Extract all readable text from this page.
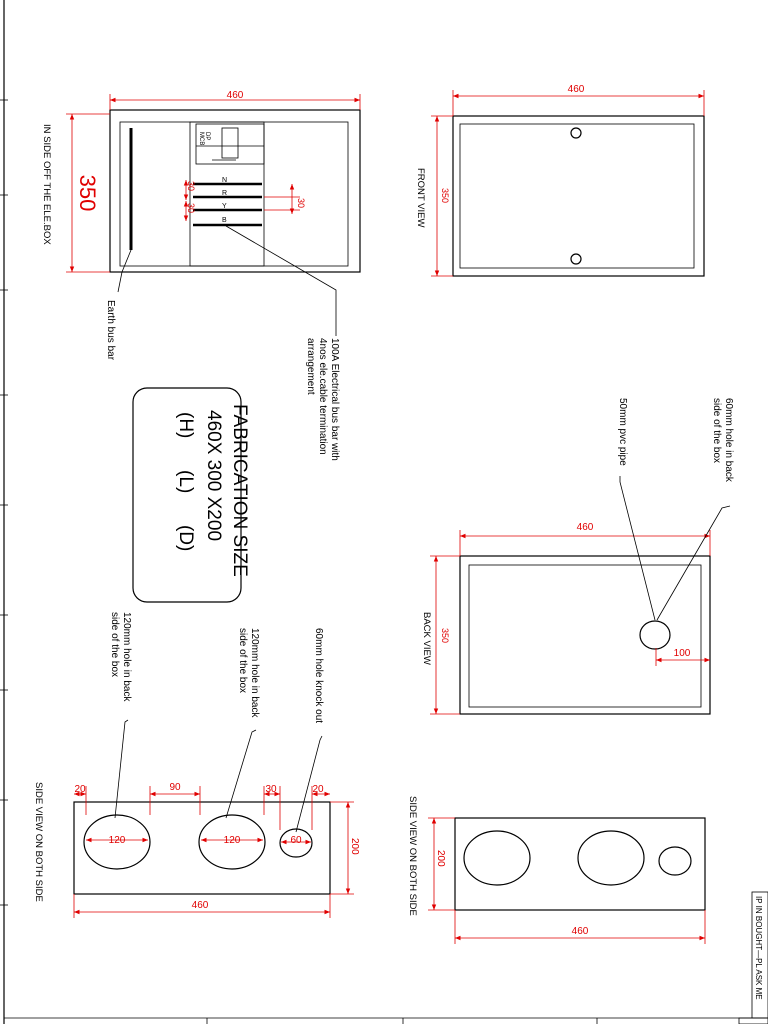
DP
MCB
N
R
Y
B
460
350	30
30	30
IN SIDE OFF THE ELE.BOX
Earth bus bar
100A Electrical bus bar with
4nos ele.cable termination
arrangement
460
350
FRONT VIEW
460
350
100
BACK VIEW
60mm hole in back
side of the box
50mm pvc pipe
FABRICATION SIZE
460X 300 X200
(H)      (L)      (D)
120	120	60
20	90	30	20
200
460
SIDE VIEW ON BOTH SIDE
120mm hole in back
side of the box	120mm hole in back
side of the box	60mm hole knock out
200
460
SIDE VIEW ON BOTH SIDE
IP IN BOUGHT—PL ASK ME
